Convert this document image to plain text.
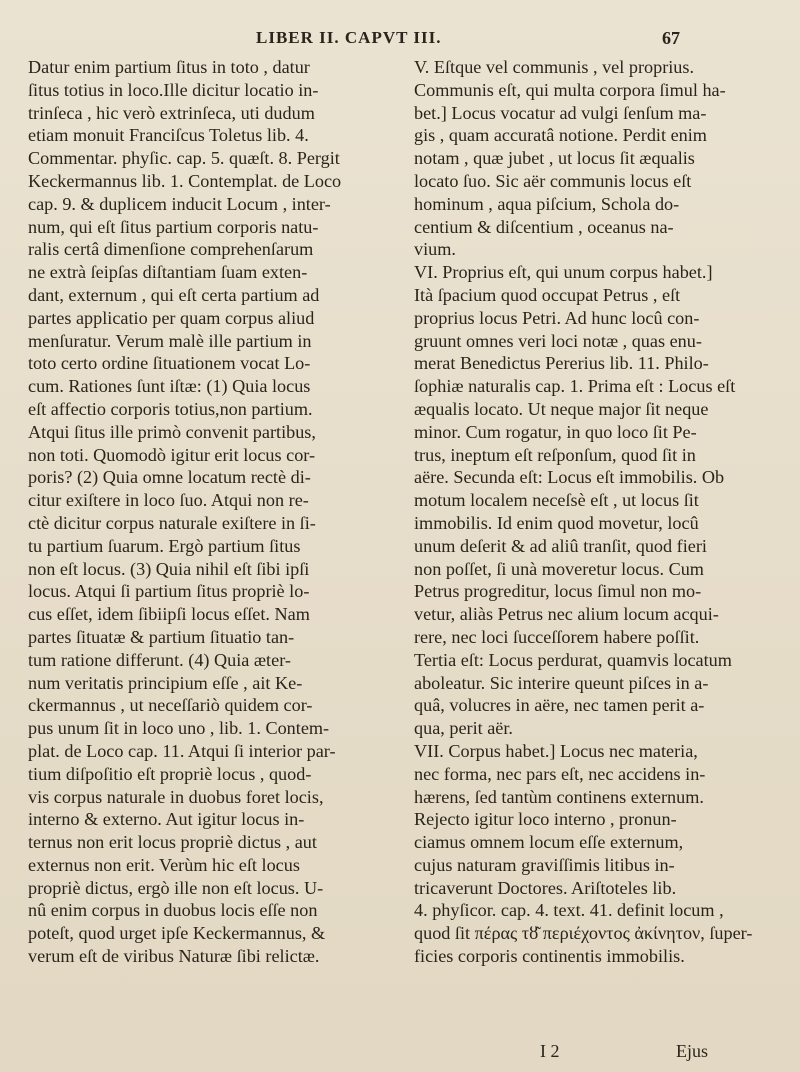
LIBER II. CAPVT III.	67
Datur enim partium ſitus in toto , datur
ſitus totius in loco.Ille dicitur locatio in-
trinſeca , hic verò extrinſeca, uti dudum
etiam monuit Franciſcus Toletus lib. 4.
Commentar. phyſic. cap. 5. quæſt. 8. Pergit
Keckermannus lib. 1. Contemplat. de Loco
cap. 9. & duplicem inducit Locum , inter-
num, qui eſt ſitus partium corporis natu-
ralis certâ dimenſione comprehenſarum
ne extrà ſeipſas diſtantiam ſuam exten-
dant, externum , qui eſt certa partium ad
partes applicatio per quam corpus aliud
menſuratur. Verum malè ille partium in
toto certo ordine ſituationem vocat Lo-
cum. Rationes ſunt iſtæ: (1) Quia locus
eſt affectio corporis totius,non partium.
Atqui ſitus ille primò convenit partibus,
non toti. Quomodò igitur erit locus cor-
poris? (2) Quia omne locatum rectè di-
citur exiſtere in loco ſuo. Atqui non re-
ctè dicitur corpus naturale exiſtere in ſi-
tu partium ſuarum. Ergò partium ſitus
non eſt locus. (3) Quia nihil eſt ſibi ipſi
locus. Atqui ſi partium ſitus propriè lo-
cus eſſet, idem ſibiipſi locus eſſet. Nam
partes ſituatæ & partium ſituatio tan-
tum ratione differunt. (4) Quia æter-
num veritatis principium eſſe , ait Ke-
ckermannus , ut neceſſariò quidem cor-
pus unum ſit in loco uno , lib. 1. Contem-
plat. de Loco cap. 11. Atqui ſi interior par-
tium diſpoſitio eſt propriè locus , quod-
vis corpus naturale in duobus foret locis,
interno & externo. Aut igitur locus in-
ternus non erit locus propriè dictus , aut
externus non erit. Verùm hic eſt locus
propriè dictus, ergò ille non eſt locus. U-
nû enim corpus in duobus locis eſſe non
poteſt, quod urget ipſe Keckermannus, &
verum eſt de viribus Naturæ ſibi relictæ.
V. Eſtque vel communis , vel proprius.
Communis eſt, qui multa corpora ſimul ha-
bet.] Locus vocatur ad vulgi ſenſum ma-
gis , quam accuratâ notione. Perdit enim
notam , quæ jubet , ut locus ſit æqualis
locato ſuo. Sic aër communis locus eſt
hominum , aqua piſcium, Schola do-
centium & diſcentium , oceanus na-
vium.
VI. Proprius eſt, qui unum corpus habet.]
Ità ſpacium quod occupat Petrus , eſt
proprius locus Petri. Ad hunc locû con-
gruunt omnes veri loci notæ , quas enu-
merat Benedictus Pererius lib. 11. Philo-
ſophiæ naturalis cap. 1. Prima eſt : Locus eſt
æqualis locato. Ut neque major ſit neque
minor. Cum rogatur, in quo loco ſit Pe-
trus, ineptum eſt reſponſum, quod ſit in
aëre. Secunda eſt: Locus eſt immobilis. Ob
motum localem neceſsè eſt , ut locus ſit
immobilis. Id enim quod movetur, locû
unum deſerit & ad aliû tranſit, quod fieri
non poſſet, ſi unà moveretur locus. Cum
Petrus progreditur, locus ſimul non mo-
vetur, aliàs Petrus nec alium locum acqui-
rere, nec loci ſucceſſorem habere poſſit.
Tertia eſt: Locus perdurat, quamvis locatum
aboleatur. Sic interire queunt piſces in a-
quâ, volucres in aëre, nec tamen perit a-
qua, perit aër.
VII. Corpus habet.] Locus nec materia,
nec forma, nec pars eſt, nec accidens in-
hærens, ſed tantùm continens externum.
Rejecto igitur loco interno , pronun-
ciamus omnem locum eſſe externum,
cujus naturam graviſſimis litibus in-
tricaverunt Doctores. Ariſtoteles lib.
4. phyſicor. cap. 4. text. 41. definit locum ,
quod ſit πέρας τȣ͂ περιέχοντος ἀκίνητον, ſuper-
ficies corporis continentis immobilis.
I 2	Ejus
